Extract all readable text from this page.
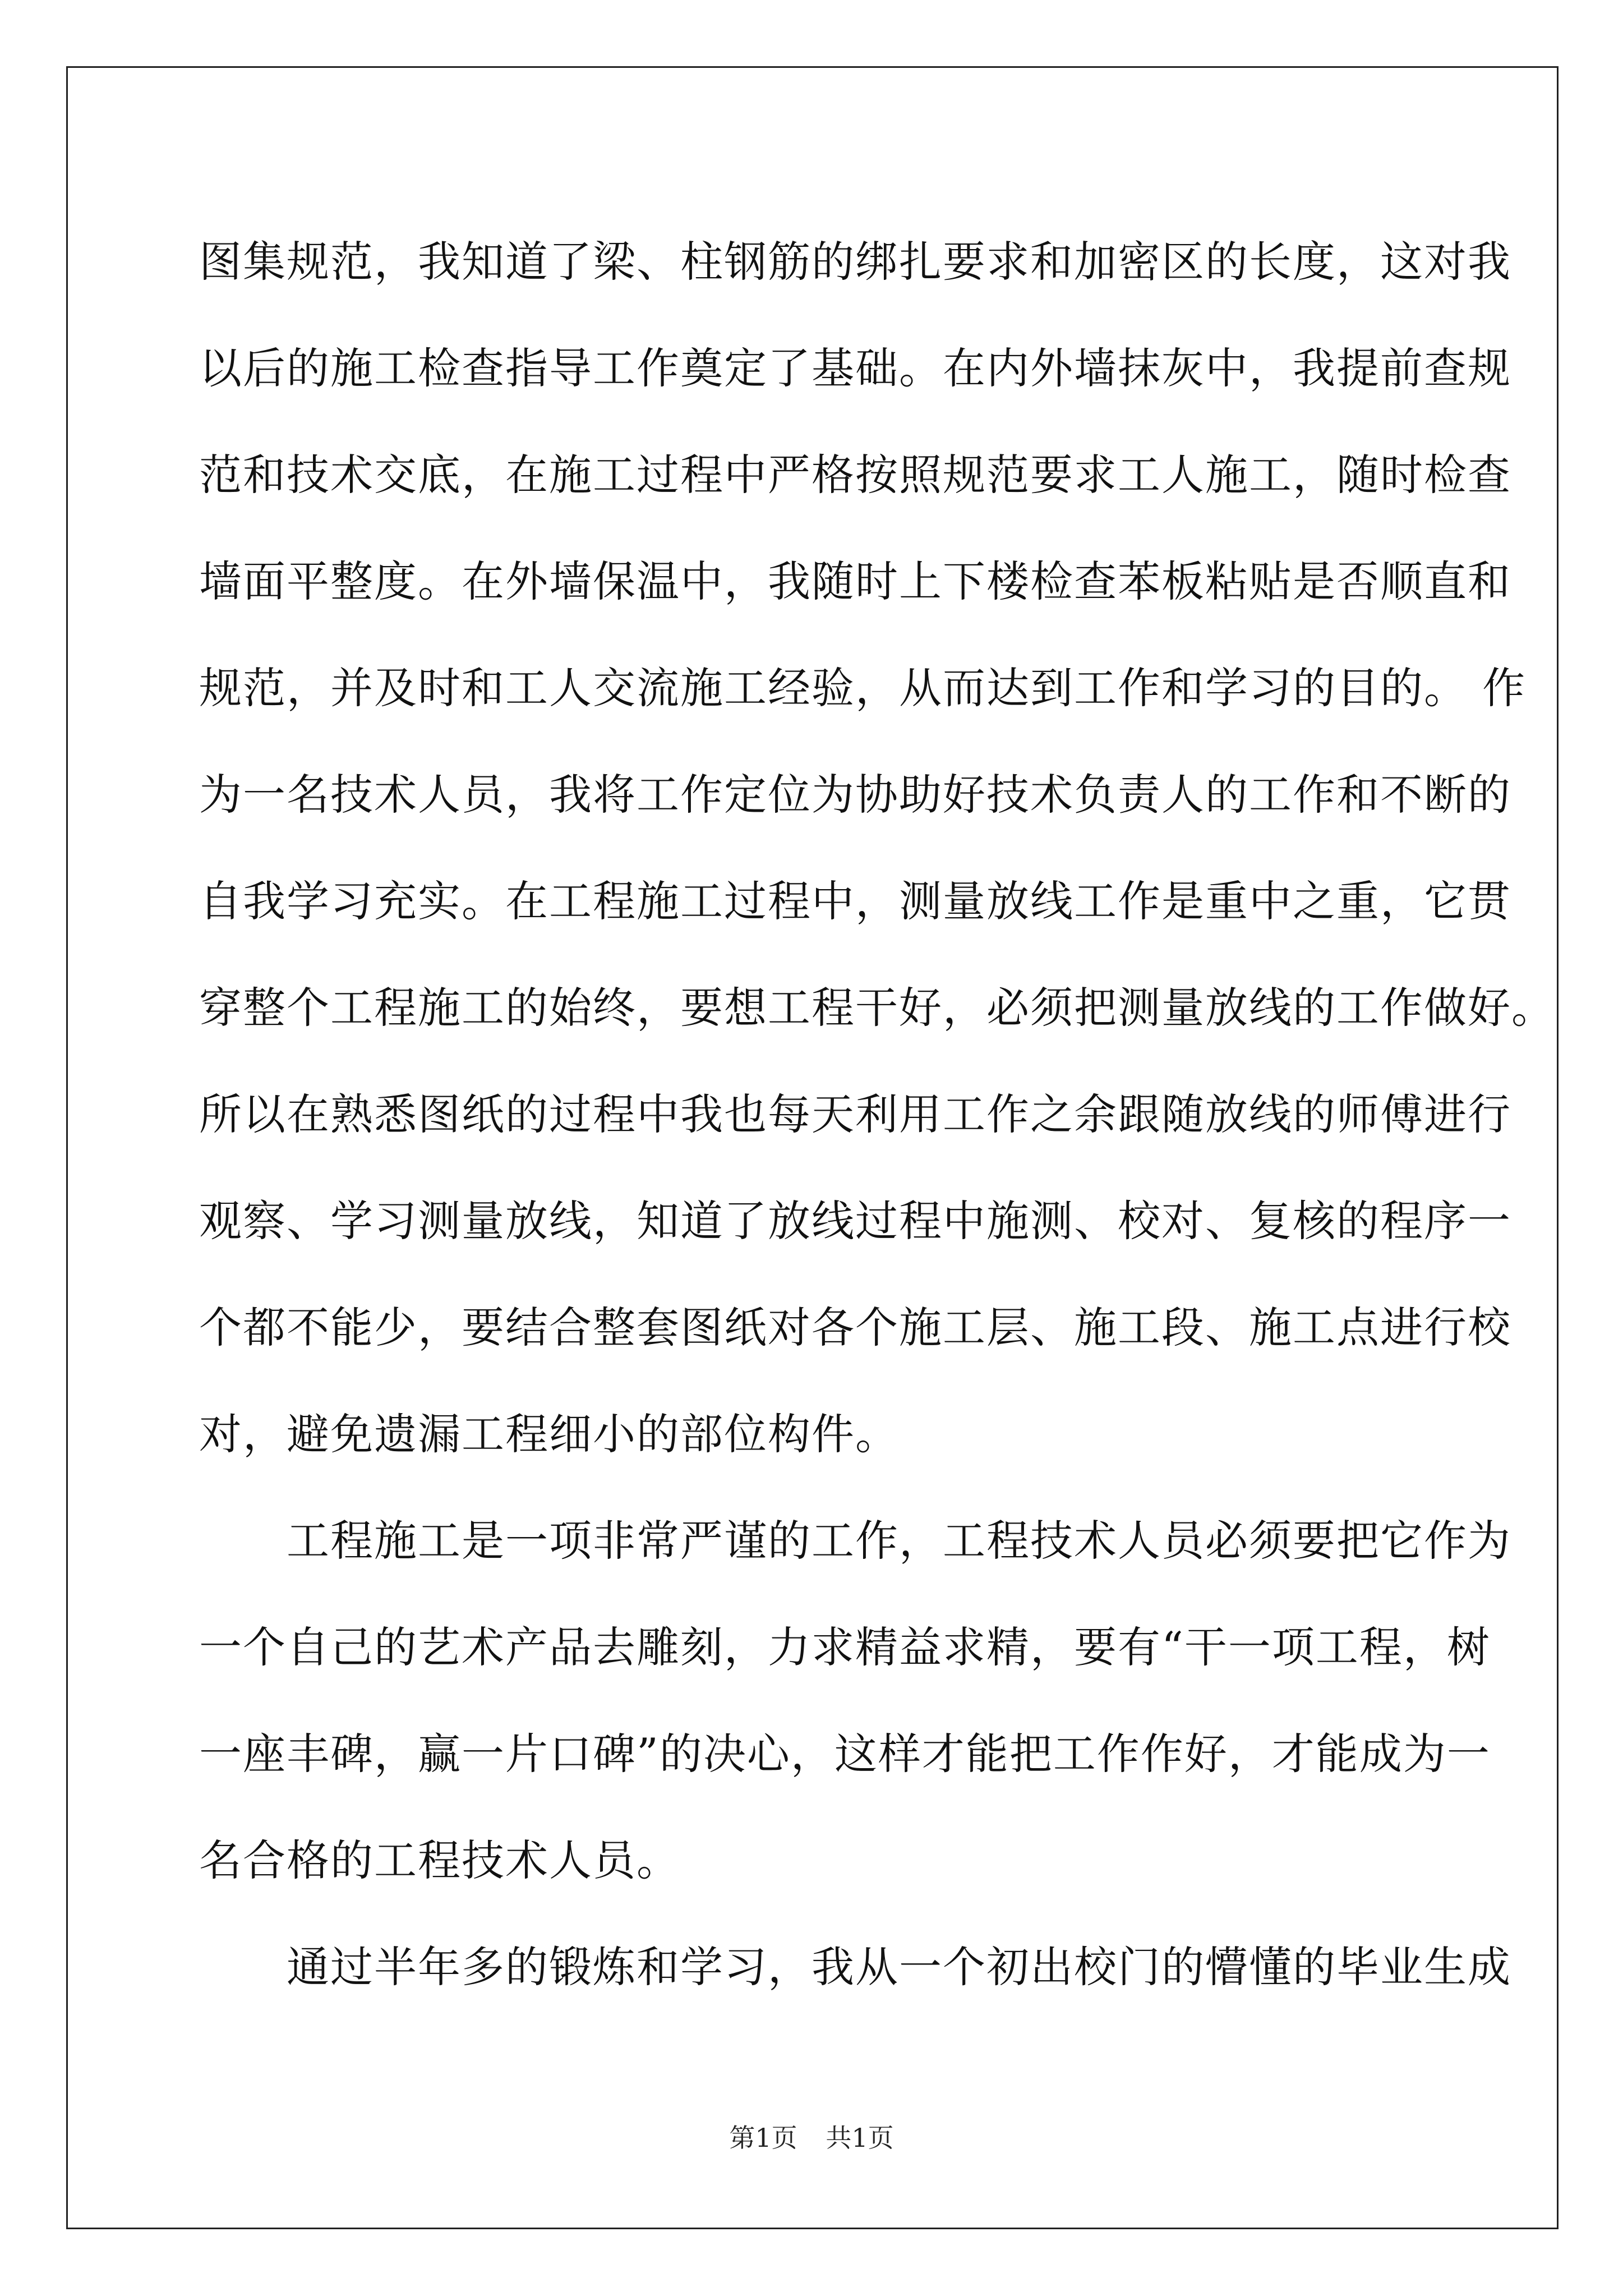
图集规范，我知道了梁、柱钢筋的绑扎要求和加密区的长度，这对我
以后的施工检查指导工作奠定了基础。在内外墙抹灰中，我提前查规
范和技术交底，在施工过程中严格按照规范要求工人施工，随时检查
墙面平整度。在外墙保温中，我随时上下楼检查苯板粘贴是否顺直和
规范，并及时和工人交流施工经验，从而达到工作和学习的目的。 作
为一名技术人员，我将工作定位为协助好技术负责人的工作和不断的
自我学习充实。在工程施工过程中，测量放线工作是重中之重，它贯
穿整个工程施工的始终，要想工程干好，必须把测量放线的工作做好。
所以在熟悉图纸的过程中我也每天利用工作之余跟随放线的师傅进行
观察、学习测量放线，知道了放线过程中施测、校对、复核的程序一
个都不能少，要结合整套图纸对各个施工层、施工段、施工点进行校
对，避免遗漏工程细小的部位构件。
　　工程施工是一项非常严谨的工作，工程技术人员必须要把它作为
一个自己的艺术产品去雕刻，力求精益求精，要有“干一项工程，树
一座丰碑，赢一片口碑”的决心，这样才能把工作作好，才能成为一
名合格的工程技术人员。
　　通过半年多的锻炼和学习，我从一个初出校门的懵懂的毕业生成
第1页 共1页
